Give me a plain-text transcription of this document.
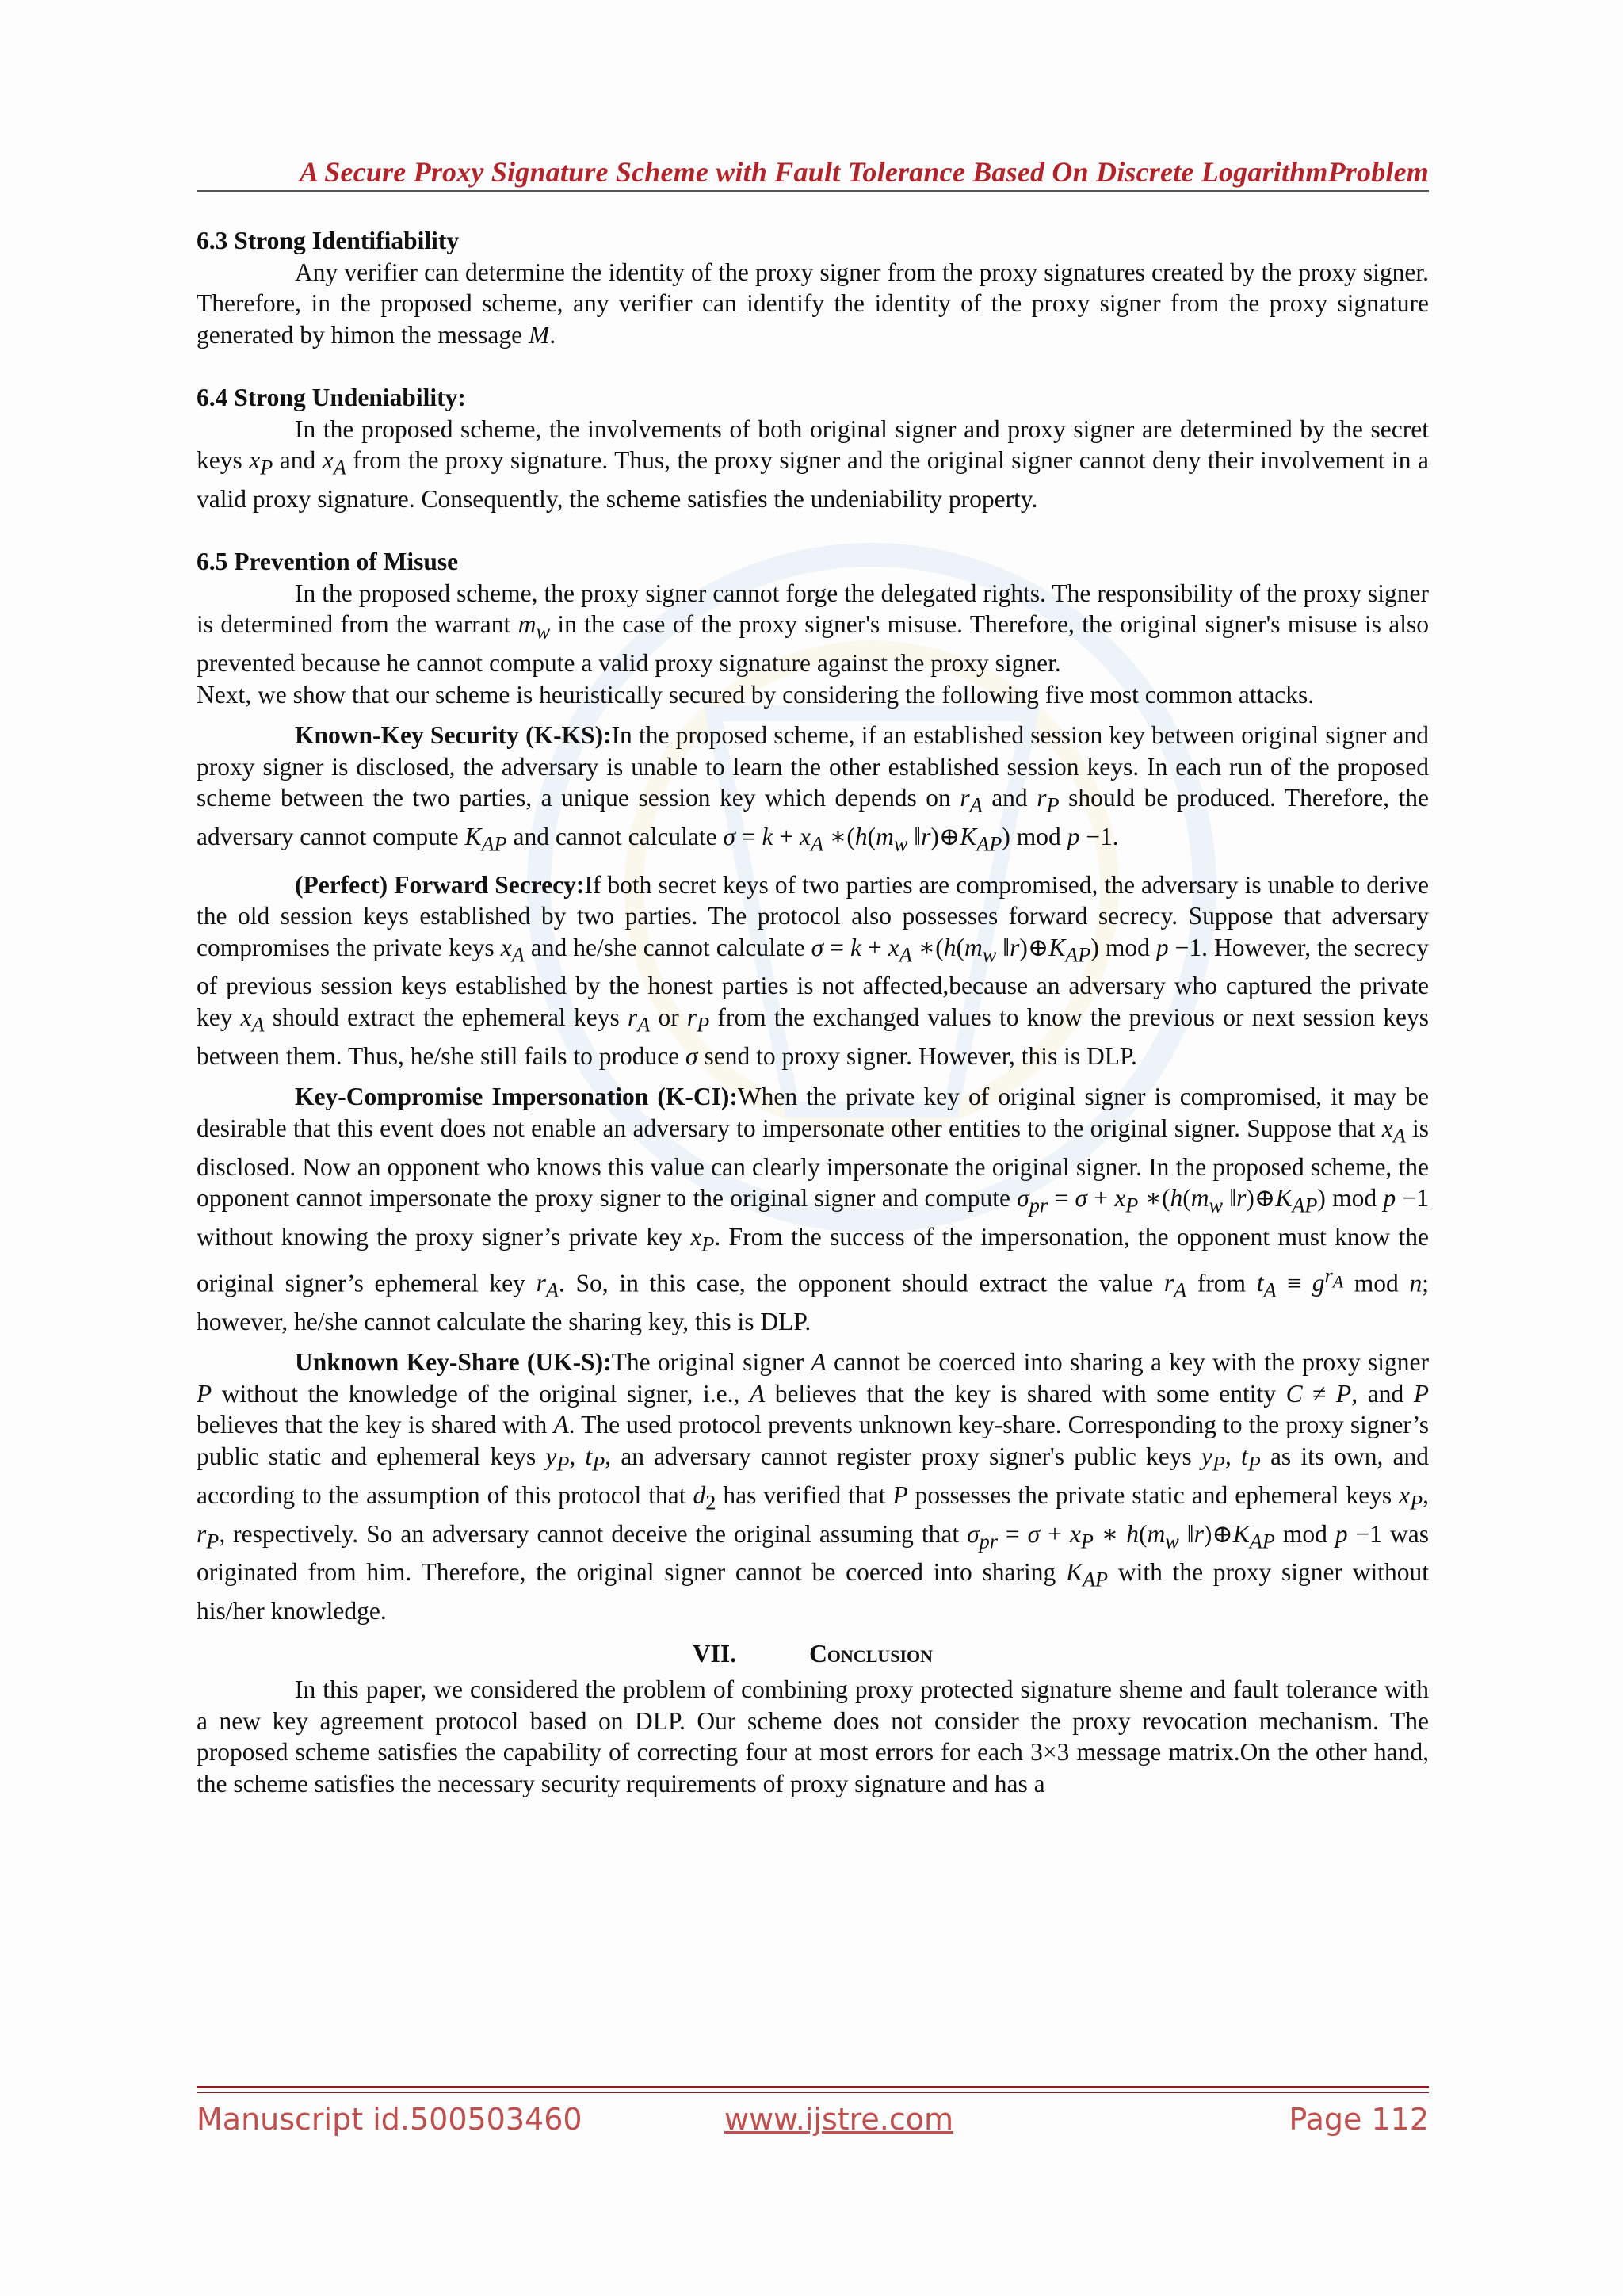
A Secure Proxy Signature Scheme with Fault Tolerance Based On Discrete LogarithmProblem

6.3 Strong Identifiability

Any verifier can determine the identity of the proxy signer from the proxy signatures created by the proxy signer. Therefore, in the proposed scheme, any verifier can identify the identity of the proxy signer from the proxy signature generated by himon the message M.

6.4 Strong Undeniability:

In the proposed scheme, the involvements of both original signer and proxy signer are determined by the secret keys $x_P$ and $x_A$ from the proxy signature. Thus, the proxy signer and the original signer cannot deny their involvement in a valid proxy signature. Consequently, the scheme satisfies the undeniability property.

6.5 Prevention of Misuse

In the proposed scheme, the proxy signer cannot forge the delegated rights. The responsibility of the proxy signer is determined from the warrant $m_w$ in the case of the proxy signer's misuse. Therefore, the original signer's misuse is also prevented because he cannot compute a valid proxy signature against the proxy signer.

Next, we show that our scheme is heuristically secured by considering the following five most common attacks.

Known-Key Security (K-KS):In the proposed scheme, if an established session key between original signer and proxy signer is disclosed, the adversary is unable to learn the other established session keys. In each run of the proposed scheme between the two parties, a unique session key which depends on $r_A$ and $r_P$ should be produced. Therefore, the adversary cannot compute $K_{AP}$ and cannot calculate $\sigma = k + x_A$ $∗(h(m_w$ $‖r)\oplus K_{AP}$) mod p −1.

(Perfect) Forward Secrecy:If both secret keys of two parties are compromised, the adversary is unable to derive the old session keys established by two parties. The protocol also possesses forward secrecy. Suppose that adversary compromises the private keys $x_A$ and he/she cannot calculate $\sigma = k + x_A$ $∗(h(m_w$ $‖r)\oplus K_{AP}$) mod p −1. However, the secrecy of previous session keys established by the honest parties is not affected,because an adversary who captured the private key $x_A$ should extract the ephemeral keys $r_A$ or $r_P$ from the exchanged values to know the previous or next session keys between them. Thus, he/she still fails to produce σ send to proxy signer. However, this is DLP.

Key-Compromise Impersonation (K-CI):When the private key of original signer is compromised, it may be desirable that this event does not enable an adversary to impersonate other entities to the original signer. Suppose that $x_A$ is disclosed. Now an opponent who knows this value can clearly impersonate the original signer. In the proposed scheme, the opponent cannot impersonate the proxy signer to the original signer and compute $\sigma_{pr} = \sigma + x_P$ $∗(h(m_w$ $‖r)\oplus K_{AP}$) mod p −1 without knowing the proxy signer’s private key $x_P$. From the success of the impersonation, the opponent must know the original signer’s ephemeral key $r_A$. So, in this case, the opponent should extract the value $r_A$ from $t_A \equiv g^{r_A}$ mod n; however, he/she cannot calculate the sharing key, this is DLP.

Unknown Key-Share (UK-S):The original signer A cannot be coerced into sharing a key with the proxy signer P without the knowledge of the original signer, i.e., A believes that the key is shared with some entity C ≠ P, and P believes that the key is shared with A. The used protocol prevents unknown key-share. Corresponding to the proxy signer’s public static and ephemeral keys $y_P$, $t_P$, an adversary cannot register proxy signer's public keys $y_P$, $t_P$ as its own, and according to the assumption of this protocol that $d_2$ has verified that P possesses the private static and ephemeral keys $x_P$, $r_P$, respectively. So an adversary cannot deceive the original assuming that $\sigma_{pr} = \sigma + x_P$ ∗ $h(m_w$ $‖r)\oplus K_{AP}$ mod p −1 was originated from him. Therefore, the original signer cannot be coerced into sharing $K_{AP}$ with the proxy signer without his/her knowledge.

VII.	Conclusion

In this paper, we considered the problem of combining proxy protected signature sheme and fault tolerance with a new key agreement protocol based on DLP. Our scheme does not consider the proxy revocation mechanism. The proposed scheme satisfies the capability of correcting four at most errors for each 3×3 message matrix.On the other hand, the scheme satisfies the necessary security requirements of proxy signature and has a

Manuscript id.500503460	www.ijstre.com	Page 112
